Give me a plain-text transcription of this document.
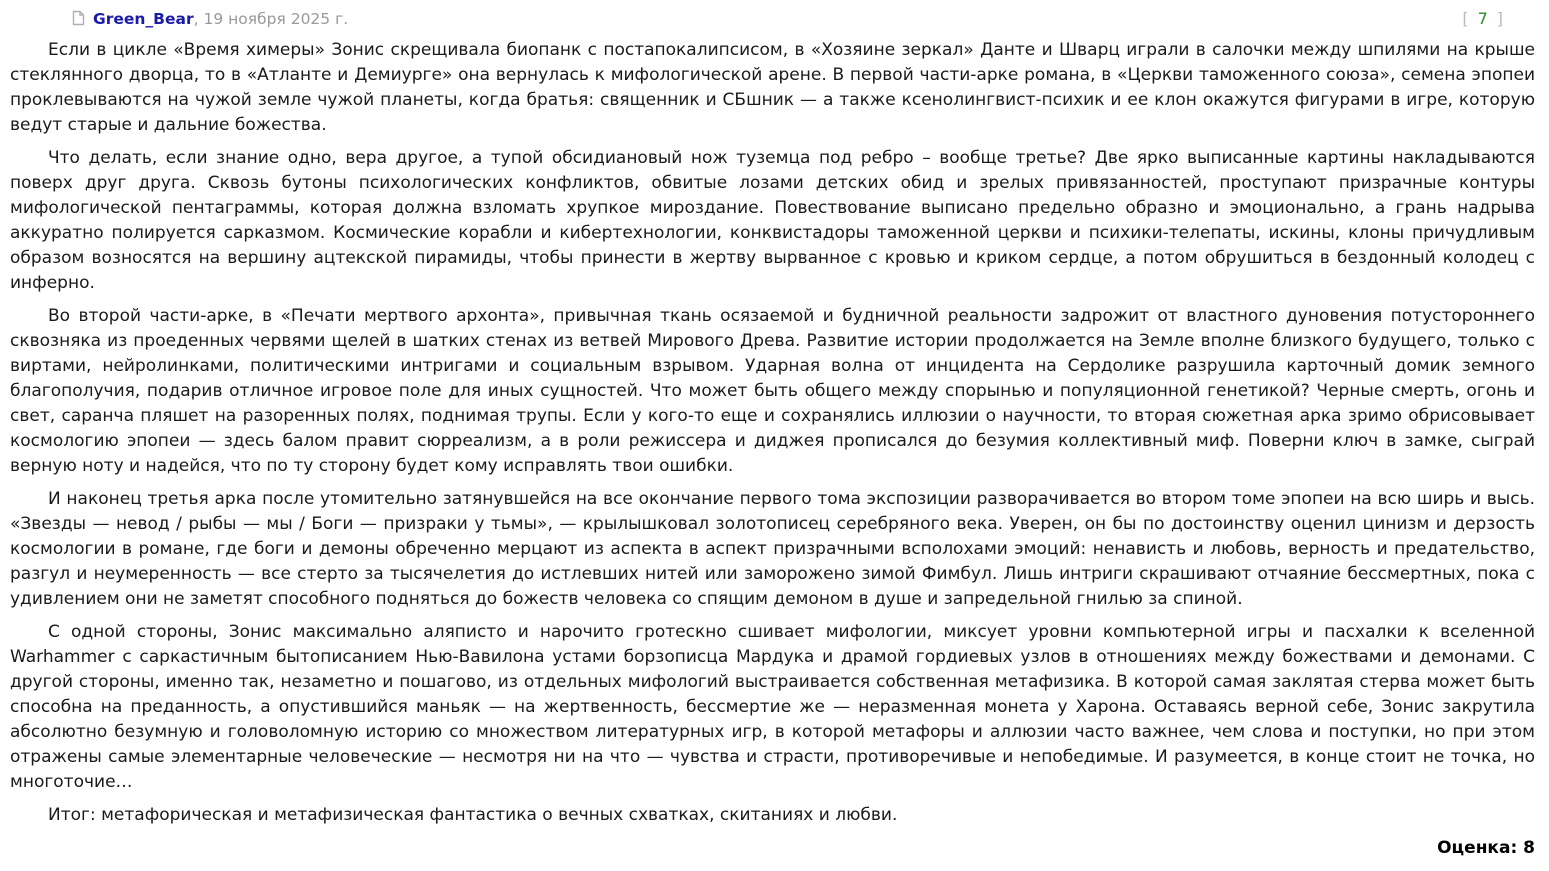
Green_Bear, 19 ноября 2025 г.	[ 7 ]

Если в цикле «Время химеры» Зонис скрещивала биопанк с постапокалипсисом, в «Хозяине зеркал» Данте и Шварц играли в салочки между шпилями на крыше стеклянного дворца, то в «Атланте и Демиурге» она вернулась к мифологической арене. В первой части-арке романа, в «Церкви таможенного союза», семена эпопеи проклевываются на чужой земле чужой планеты, когда братья: священник и СБшник — а также ксенолингвист-психик и ее клон окажутся фигурами в игре, которую ведут старые и дальние божества.

Что делать, если знание одно, вера другое, а тупой обсидиановый нож туземца под ребро – вообще третье? Две ярко выписанные картины накладываются поверх друг друга. Сквозь бутоны психологических конфликтов, обвитые лозами детских обид и зрелых привязанностей, проступают призрачные контуры мифологической пентаграммы, которая должна взломать хрупкое мироздание. Повествование выписано предельно образно и эмоционально, а грань надрыва аккуратно полируется сарказмом. Космические корабли и кибертехнологии, конквистадоры таможенной церкви и психики-телепаты, искины, клоны причудливым образом возносятся на вершину ацтекской пирамиды, чтобы принести в жертву вырванное с кровью и криком сердце, а потом обрушиться в бездонный колодец с инферно.

Во второй части-арке, в «Печати мертвого архонта», привычная ткань осязаемой и будничной реальности задрожит от властного дуновения потустороннего сквозняка из проеденных червями щелей в шатких стенах из ветвей Мирового Древа. Развитие истории продолжается на Земле вполне близкого будущего, только с виртами, нейролинками, политическими интригами и социальным взрывом. Ударная волна от инцидента на Сердолике разрушила карточный домик земного благополучия, подарив отличное игровое поле для иных сущностей. Что может быть общего между спорынью и популяционной генетикой? Черные смерть, огонь и свет, саранча пляшет на разоренных полях, поднимая трупы. Если у кого-то еще и сохранялись иллюзии о научности, то вторая сюжетная арка зримо обрисовывает космологию эпопеи — здесь балом правит сюрреализм, а в роли режиссера и диджея прописался до безумия коллективный миф. Поверни ключ в замке, сыграй верную ноту и надейся, что по ту сторону будет кому исправлять твои ошибки.

И наконец третья арка после утомительно затянувшейся на все окончание первого тома экспозиции разворачивается во втором томе эпопеи на всю ширь и высь. «Звезды — невод / рыбы — мы / Боги — призраки у тьмы», — крылышковал золотописец серебряного века. Уверен, он бы по достоинству оценил цинизм и дерзость космологии в романе, где боги и демоны обреченно мерцают из аспекта в аспект призрачными всполохами эмоций: ненависть и любовь, верность и предательство, разгул и неумеренность — все стерто за тысячелетия до истлевших нитей или заморожено зимой Фимбул. Лишь интриги скрашивают отчаяние бессмертных, пока с удивлением они не заметят способного подняться до божеств человека со спящим демоном в душе и запредельной гнилью за спиной.

С одной стороны, Зонис максимально аляписто и нарочито гротескно сшивает мифологии, миксует уровни компьютерной игры и пасхалки к вселенной Warhammer с саркастичным бытописанием Нью-Вавилона устами борзописца Мардука и драмой гордиевых узлов в отношениях между божествами и демонами. С другой стороны, именно так, незаметно и пошагово, из отдельных мифологий выстраивается собственная метафизика. В которой самая заклятая стерва может быть способна на преданность, а опустившийся маньяк — на жертвенность, бессмертие же — неразменная монета у Харона. Оставаясь верной себе, Зонис закрутила абсолютно безумную и головоломную историю со множеством литературных игр, в которой метафоры и аллюзии часто важнее, чем слова и поступки, но при этом отражены самые элементарные человеческие — несмотря ни на что — чувства и страсти, противоречивые и непобедимые. И разумеется, в конце стоит не точка, но многоточие…

Итог: метафорическая и метафизическая фантастика о вечных схватках, скитаниях и любви.

Оценка: 8
